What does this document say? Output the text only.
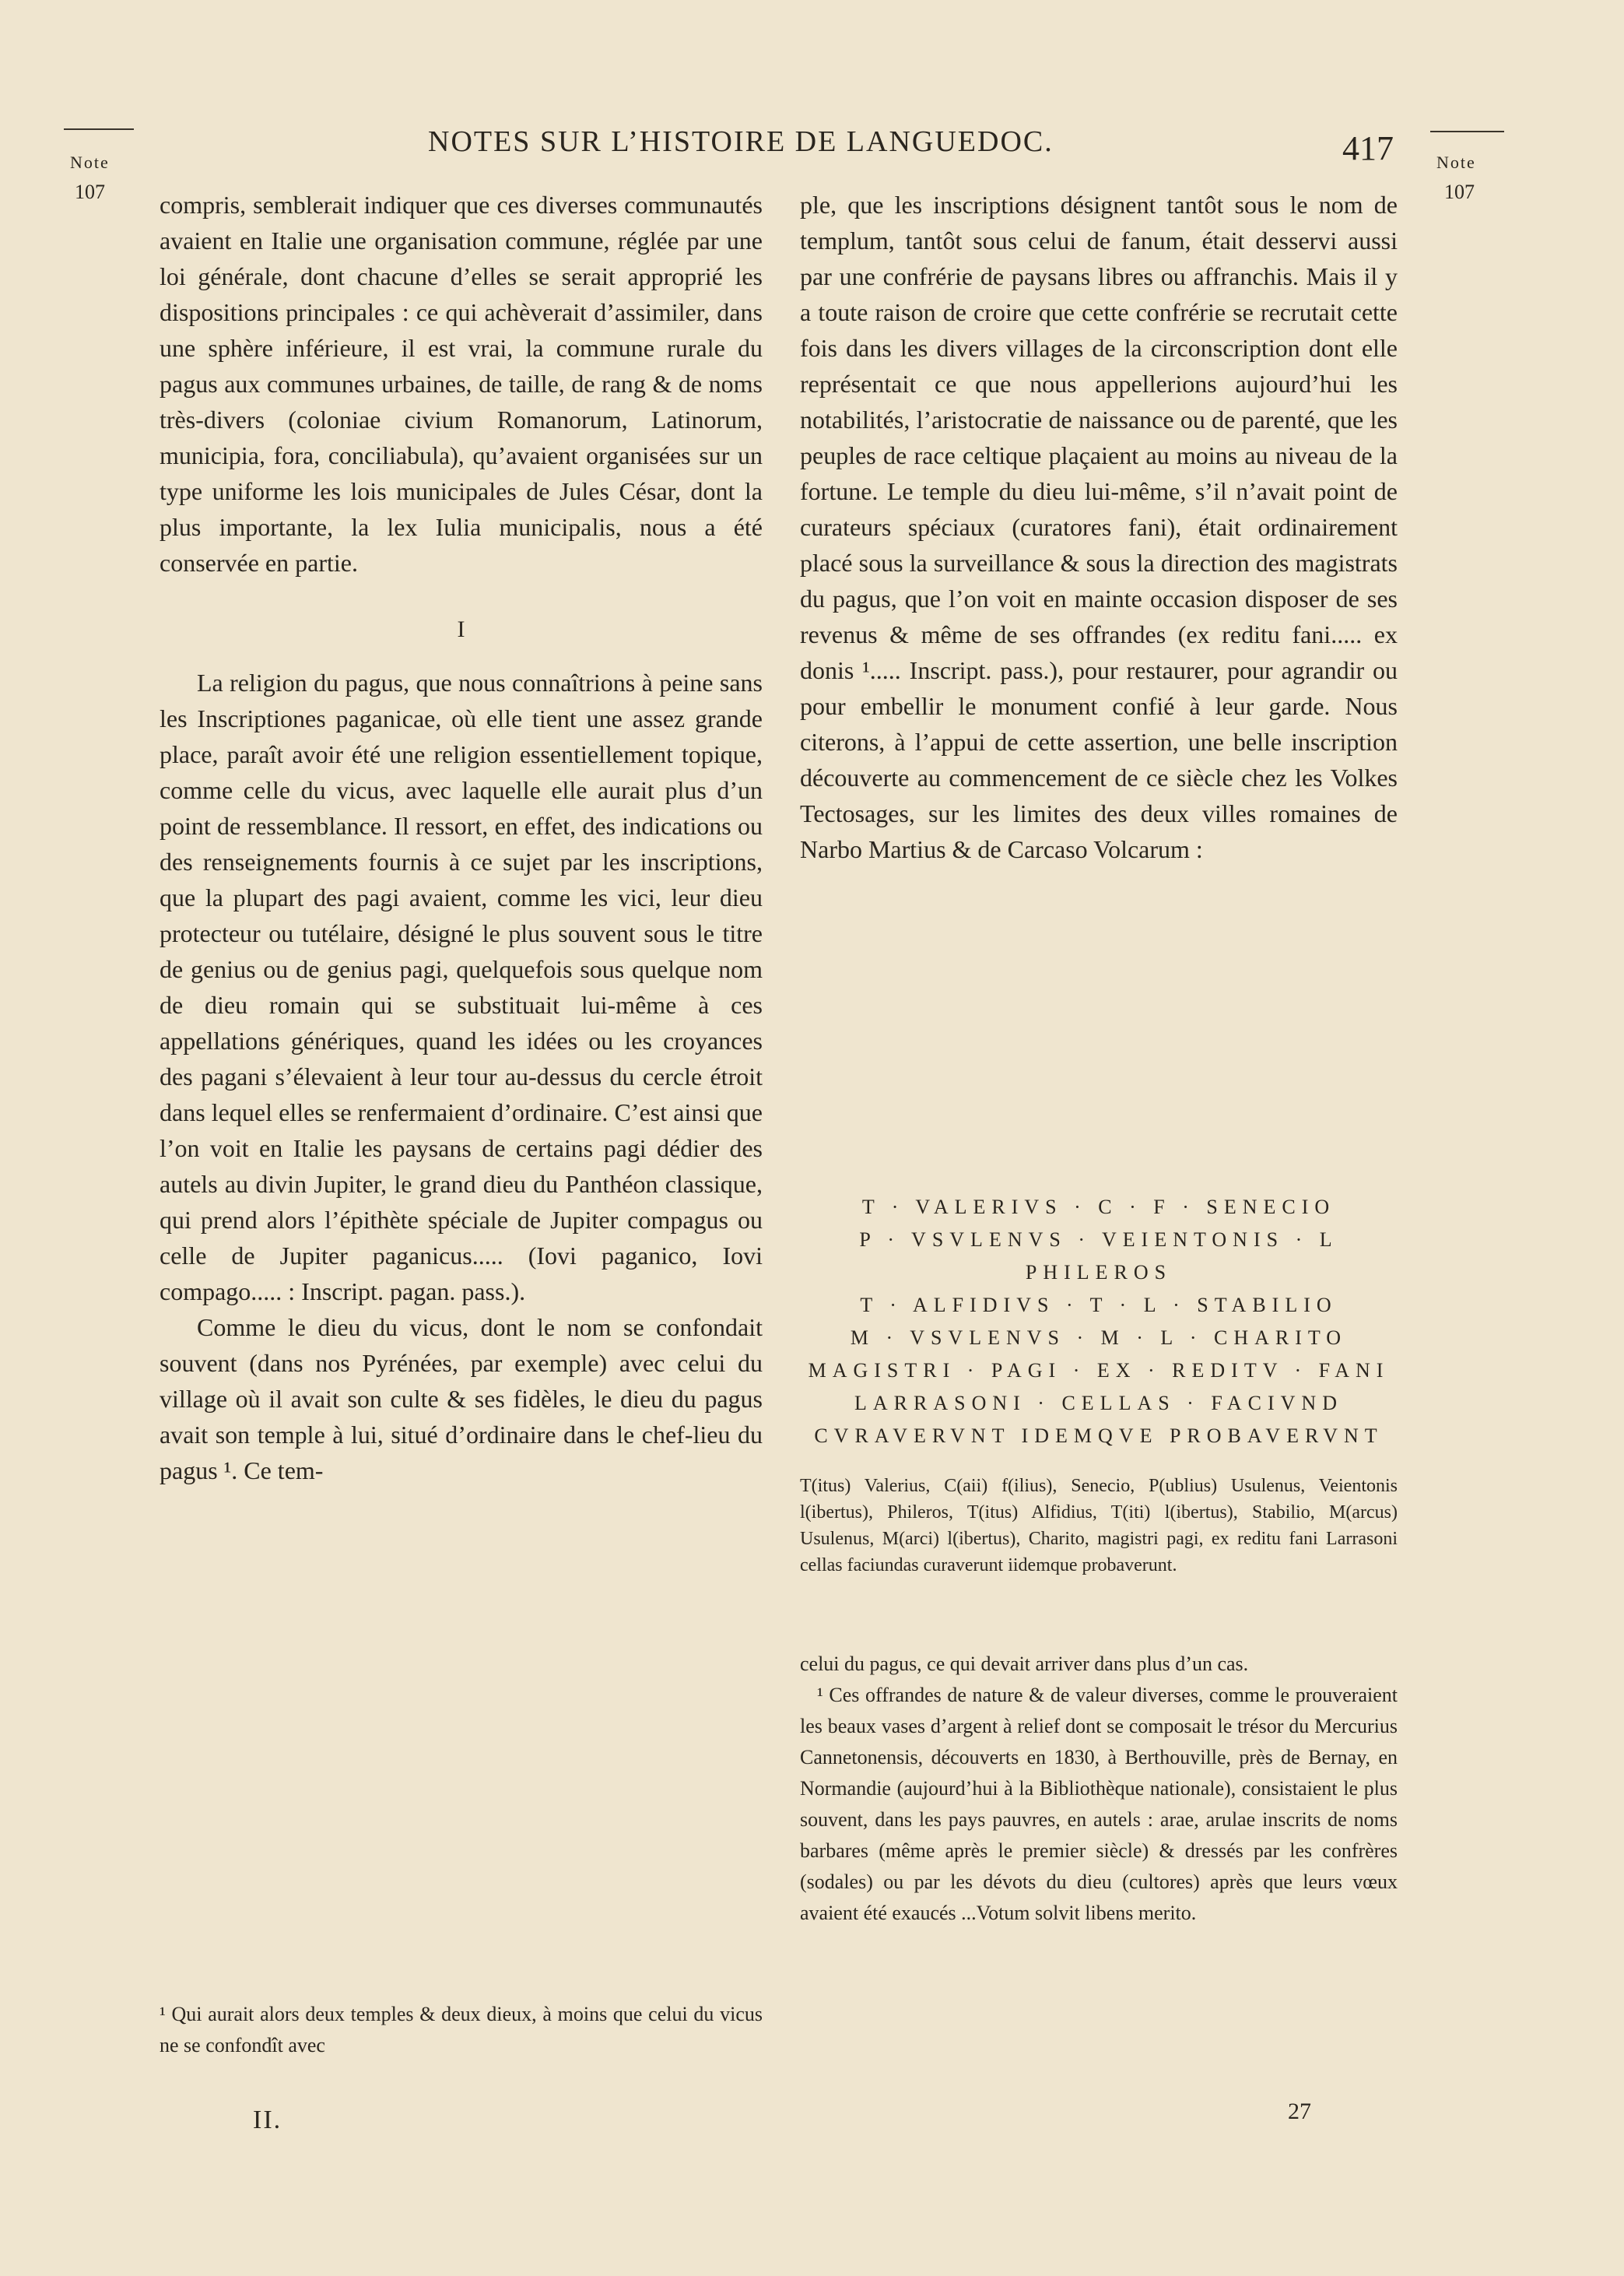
Note
107
NOTES SUR L’HISTOIRE DE LANGUEDOC.	417	Note
107

compris, semblerait indiquer que ces diverses communautés avaient en Italie une organisation commune, réglée par une loi générale, dont chacune d’elles se serait approprié les dispositions principales : ce qui achèverait d’assimiler, dans une sphère inférieure, il est vrai, la commune rurale du pagus aux communes urbaines, de taille, de rang & de noms très-divers (coloniae civium Romanorum, Latinorum, municipia, fora, conciliabula), qu’avaient organisées sur un type uniforme les lois municipales de Jules César, dont la plus importante, la lex Iulia municipalis, nous a été conservée en partie.

I

La religion du pagus, que nous connaîtrions à peine sans les Inscriptiones paganicae, où elle tient une assez grande place, paraît avoir été une religion essentiellement topique, comme celle du vicus, avec laquelle elle aurait plus d’un point de ressemblance. Il ressort, en effet, des indications ou des renseignements fournis à ce sujet par les inscriptions, que la plupart des pagi avaient, comme les vici, leur dieu protecteur ou tutélaire, désigné le plus souvent sous le titre de genius ou de genius pagi, quelquefois sous quelque nom de dieu romain qui se substituait lui-même à ces appellations génériques, quand les idées ou les croyances des pagani s’élevaient à leur tour au-dessus du cercle étroit dans lequel elles se renfermaient d’ordinaire. C’est ainsi que l’on voit en Italie les paysans de certains pagi dédier des autels au divin Jupiter, le grand dieu du Panthéon classique, qui prend alors l’épithète spéciale de Jupiter compagus ou celle de Jupiter paganicus..... (Iovi paganico, Iovi compago..... : Inscript. pagan. pass.).

Comme le dieu du vicus, dont le nom se confondait souvent (dans nos Pyrénées, par exemple) avec celui du village où il avait son culte & ses fidèles, le dieu du pagus avait son temple à lui, situé d’ordinaire dans le chef-lieu du pagus ¹. Ce tem-

¹ Qui aurait alors deux temples & deux dieux, à moins que celui du vicus ne se confondît avec

ple, que les inscriptions désignent tantôt sous le nom de templum, tantôt sous celui de fanum, était desservi aussi par une confrérie de paysans libres ou affranchis. Mais il y a toute raison de croire que cette confrérie se recrutait cette fois dans les divers villages de la circonscription dont elle représentait ce que nous appellerions aujourd’hui les notabilités, l’aristocratie de naissance ou de parenté, que les peuples de race celtique plaçaient au moins au niveau de la fortune. Le temple du dieu lui-même, s’il n’avait point de curateurs spéciaux (curatores fani), était ordinairement placé sous la surveillance & sous la direction des magistrats du pagus, que l’on voit en mainte occasion disposer de ses revenus & même de ses offrandes (ex reditu fani..... ex donis ¹..... Inscript. pass.), pour restaurer, pour agrandir ou pour embellir le monument confié à leur garde. Nous citerons, à l’appui de cette assertion, une belle inscription découverte au commencement de ce siècle chez les Volkes Tectosages, sur les limites des deux villes romaines de Narbo Martius & de Carcaso Volcarum :

T · VALERIVS · C · F · SENECIO
P · VSVLENVS · VEIENTONIS · L
PHILEROS
T · ALFIDIVS · T · L · STABILIO
M · VSVLENVS · M · L · CHARITO
MAGISTRI · PAGI · EX · REDITV · FANI
LARRASONI · CELLAS · FACIVND
CVRAVERVNT IDEMQVE PROBAVERVNT
T(itus) Valerius, C(aii) f(ilius), Senecio, P(ublius) Usulenus, Veientonis l(ibertus), Phileros, T(itus) Alfidius, T(iti) l(ibertus), Stabilio, M(arcus) Usulenus, M(arci) l(ibertus), Charito, magistri pagi, ex reditu fani Larrasoni cellas faciundas curaverunt iidemque probaverunt.

celui du pagus, ce qui devait arriver dans plus d’un cas.

¹ Ces offrandes de nature & de valeur diverses, comme le prouveraient les beaux vases d’argent à relief dont se composait le trésor du Mercurius Cannetonensis, découverts en 1830, à Berthouville, près de Bernay, en Normandie (aujourd’hui à la Bibliothèque nationale), consistaient le plus souvent, dans les pays pauvres, en autels : arae, arulae inscrits de noms barbares (même après le premier siècle) & dressés par les confrères (sodales) ou par les dévots du dieu (cultores) après que leurs vœux avaient été exaucés ...Votum solvit libens merito.

II.	27
